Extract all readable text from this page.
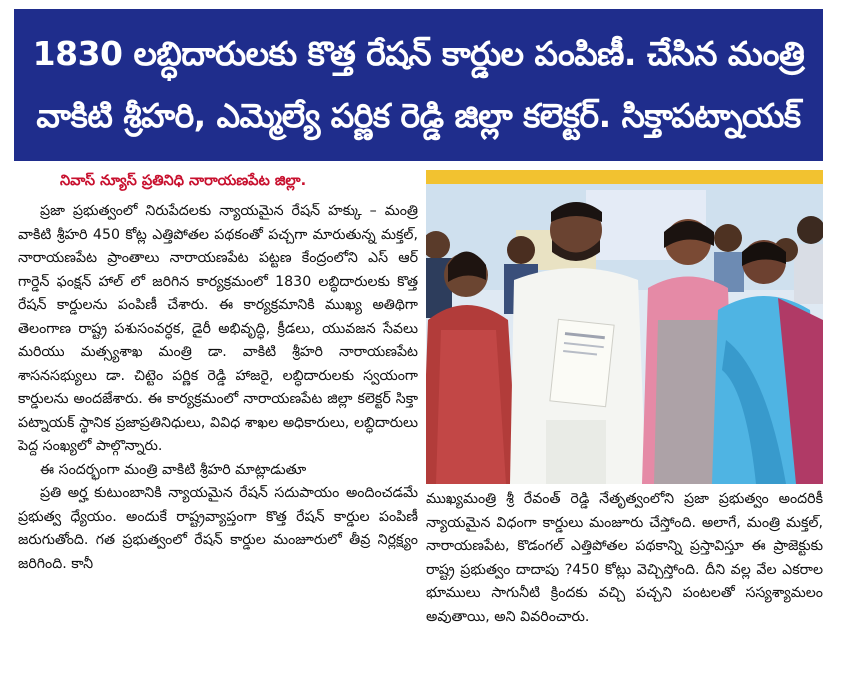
1830 లబ్ధిదారులకు కొత్త రేషన్ కార్డుల పంపిణీ. చేసిన మంత్రి
వాకిటి శ్రీహరి, ఎమ్మెల్యే పర్ణిక రెడ్డి జిల్లా కలెక్టర్. సిక్తాపట్నాయక్
నివాస్ న్యూస్ ప్రతినిధి నారాయణపేట జిల్లా.

ప్రజా ప్రభుత్వంలో నిరుపేదలకు న్యాయమైన రేషన్ హక్కు – మంత్రి వాకిటి శ్రీహరి 450 కోట్ల ఎత్తిపోతల పథకంతో పచ్చగా మారుతున్న మక్తల్, నారాయణపేట ప్రాంతాలు నారాయణపేట పట్టణ కేంద్రంలోని ఎస్ ఆర్ గార్డెన్ ఫంక్షన్ హాల్ లో జరిగిన కార్యక్రమంలో 1830 లబ్ధిదారులకు కొత్త రేషన్ కార్డులను పంపిణీ చేశారు. ఈ కార్యక్రమానికి ముఖ్య అతిథిగా తెలంగాణ రాష్ట్ర పశుసంవర్ధక, డైరీ అభివృద్ధి, క్రీడలు, యువజన సేవలు మరియు మత్స్యశాఖ మంత్రి డా. వాకిటి శ్రీహరి నారాయణపేట శాసనసభ్యులు డా. చిట్టెం పర్ణిక రెడ్డి హాజరై, లబ్ధిదారులకు స్వయంగా కార్డులను అందజేశారు. ఈ కార్యక్రమంలో నారాయణపేట జిల్లా కలెక్టర్ సిక్తా పట్నాయక్ స్థానిక ప్రజాప్రతినిధులు, వివిధ శాఖల అధికారులు, లబ్ధిదారులు పెద్ద సంఖ్యలో పాల్గొన్నారు.

ఈ సందర్భంగా మంత్రి వాకిటి శ్రీహరి మాట్లాడుతూ

ప్రతి అర్హ కుటుంబానికి న్యాయమైన రేషన్ సదుపాయం అందించడమే ప్రభుత్వ ధ్యేయం. అందుకే రాష్ట్రవ్యాప్తంగా కొత్త రేషన్ కార్డుల పంపిణీ జరుగుతోంది. గత ప్రభుత్వంలో రేషన్ కార్డుల మంజూరులో తీవ్ర నిర్లక్ష్యం జరిగింది. కానీ

ముఖ్యమంత్రి శ్రీ రేవంత్ రెడ్డి నేతృత్వంలోని ప్రజా ప్రభుత్వం అందరికీ న్యాయమైన విధంగా కార్డులు మంజూరు చేస్తోంది. అలాగే, మంత్రి మక్తల్, నారాయణపేట, కొడంగల్ ఎత్తిపోతల పథకాన్ని ప్రస్తావిస్తూ ఈ ప్రాజెక్టుకు రాష్ట్ర ప్రభుత్వం దాదాపు ?450 కోట్లు వెచ్చిస్తోంది. దీని వల్ల వేల ఎకరాల భూములు సాగునీటి క్రిందకు వచ్చి పచ్చని పంటలతో సస్యశ్యామలం అవుతాయి, అని వివరించారు.
